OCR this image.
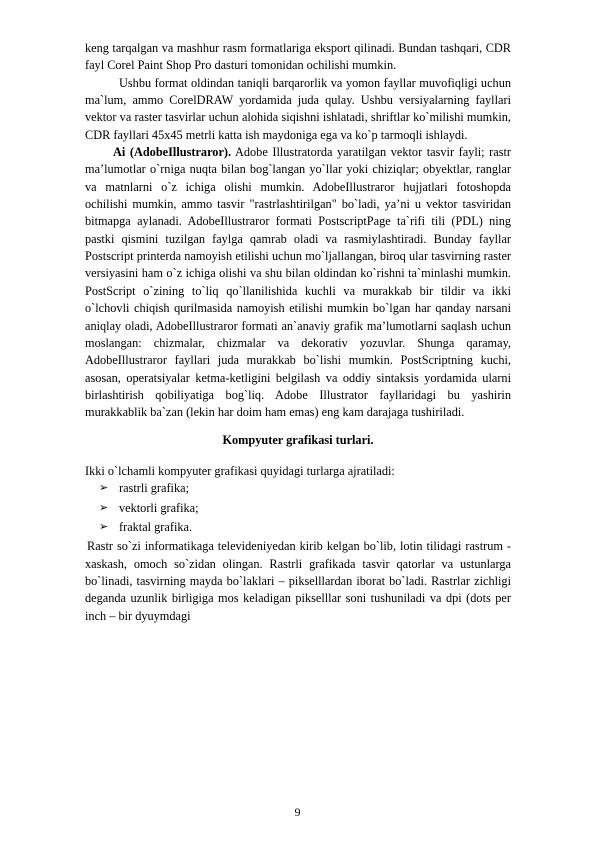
keng tarqalgan va mashhur rasm formatlariga eksport qilinadi. Bundan tashqari, CDR fayl Corel Paint Shop Pro dasturi tomonidan ochilishi mumkin.

Ushbu format oldindan taniqli barqarorlik va yomon fayllar muvofiqligi uchun ma`lum, ammo CorelDRAW yordamida juda qulay. Ushbu versiyalarning fayllari vektor va raster tasvirlar uchun alohida siqishni ishlatadi, shriftlar ko`milishi mumkin, CDR fayllari 45x45 metrli katta ish maydoniga ega va ko`p tarmoqli ishlaydi.

Ai (AdobeIllustraror). Adobe Illustratorda yaratilgan vektor tasvir fayli; rastr ma’lumotlar o`rniga nuqta bilan bog`langan yo`llar yoki chiziqlar; obyektlar, ranglar va matnlarni o`z ichiga olishi mumkin. AdobeIllustraror hujjatlari fotoshopda ochilishi mumkin, ammo tasvir "rastrlashtirilgan" bo`ladi, ya’ni u vektor tasviridan bitmapga aylanadi. AdobeIllustraror formati PostscriptPage ta`rifi tili (PDL) ning pastki qismini tuzilgan faylga qamrab oladi va rasmiylashtiradi. Bunday fayllar Postscript printerda namoyish etilishi uchun mo`ljallangan, biroq ular tasvirning raster versiyasini ham o`z ichiga olishi va shu bilan oldindan ko`rishni ta`minlashi mumkin. PostScript o`zining to`liq qo`llanilishida kuchli va murakkab bir tildir va ikki o`lchovli chiqish qurilmasida namoyish etilishi mumkin bo`lgan har qanday narsani aniqlay oladi, AdobeIllustraror formati an`anaviy grafik ma’lumotlarni saqlash uchun moslangan: chizmalar, chizmalar va dekorativ yozuvlar. Shunga qaramay, AdobeIllustraror fayllari juda murakkab bo`lishi mumkin. PostScriptning kuchi, asosan, operatsiyalar ketma-ketligini belgilash va oddiy sintaksis yordamida ularni birlashtirish qobiliyatiga bog`liq. Adobe Illustrator fayllaridagi bu yashirin murakkablik ba`zan (lekin har doim ham emas) eng kam darajaga tushiriladi.

Kompyuter grafikasi turlari.

Ikki o`lchamli kompyuter grafikasi quyidagi turlarga ajratiladi:

➢ rastrli grafika;
➢ vektorli grafika;
➢ fraktal grafika.

Rastr so`zi informatikaga televideniyedan kirib kelgan bo`lib, lotin tilidagi rastrum - xaskash, omoch so`zidan olingan. Rastrli grafikada tasvir qatorlar va ustunlarga bo`linadi, tasvirning mayda bo`laklari – pikselllardan iborat bo`ladi. Rastrlar zichligi deganda uzunlik birligiga mos keladigan pikselllar soni tushuniladi va dpi (dots per inch – bir dyuymdagi

9
